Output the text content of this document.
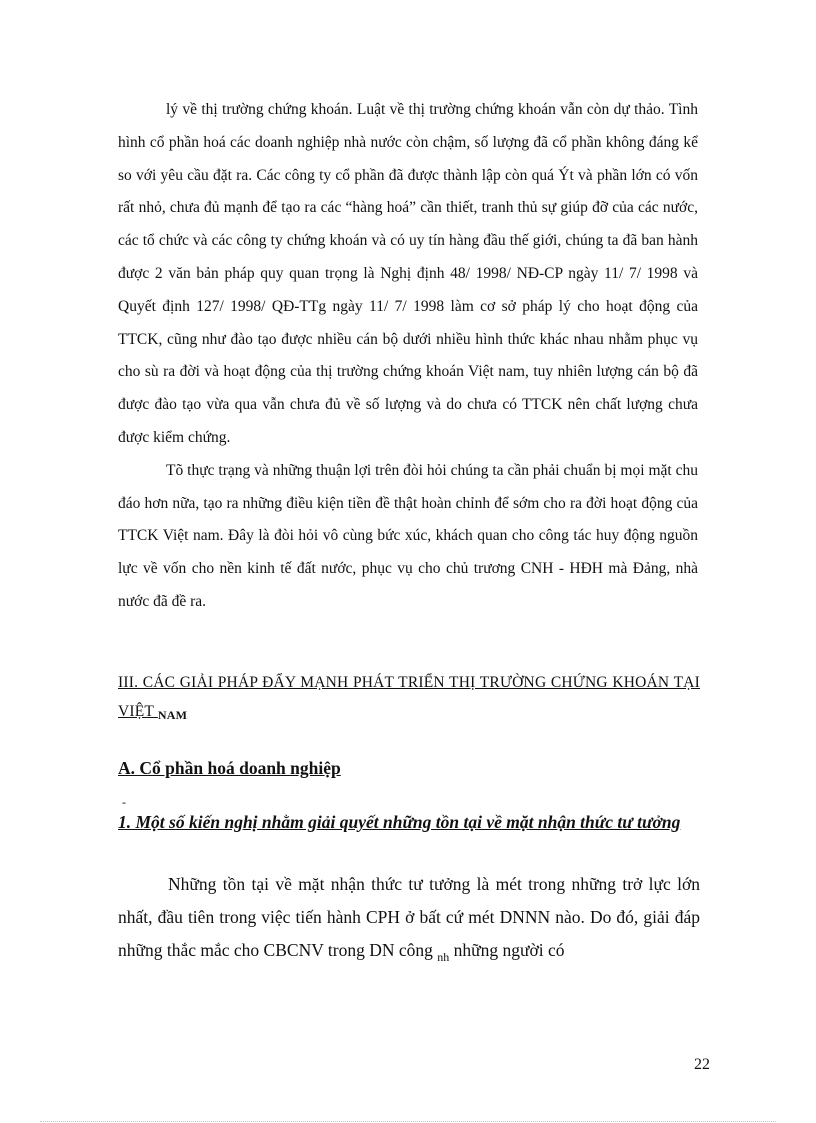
lý về thị trường chứng khoán. Luật về thị trường chứng khoán vẫn còn dự thảo. Tình hình cổ phần hoá các doanh nghiệp nhà nước còn chậm, số lượng đã cổ phần không đáng kể so với yêu cầu đặt ra. Các công ty cổ phần đã được thành lập còn quá Ýt và phần lớn có vốn rất nhỏ, chưa đủ mạnh để tạo ra các “hàng hoá” cần thiết, tranh thủ sự giúp đỡ của các nước, các tổ chức và các công ty chứng khoán và có uy tín hàng đầu thế giới, chúng ta đã ban hành được 2 văn bản pháp quy quan trọng là Nghị định 48/ 1998/ NĐ-CP ngày 11/ 7/ 1998 và Quyết định 127/ 1998/ QĐ-TTg ngày 11/ 7/ 1998 làm cơ sở pháp lý cho hoạt động của TTCK, cũng như đào tạo được nhiều cán bộ dưới nhiều hình thức khác nhau nhằm phục vụ cho sù ra đời và hoạt động của thị trường chứng khoán Việt nam, tuy nhiên lượng cán bộ đã được đào tạo vừa qua vẫn chưa đủ về số lượng và do chưa có TTCK nên chất lượng chưa được kiểm chứng.

Tõ thực trạng và những thuận lợi trên đòi hỏi chúng ta cần phải chuẩn bị mọi mặt chu đáo hơn nữa, tạo ra những điều kiện tiền đề thật hoàn chỉnh để sớm cho ra đời hoạt động của TTCK Việt nam. Đây là đòi hỏi vô cùng bức xúc, khách quan cho công tác huy động nguồn lực về vốn cho nền kinh tế đất nước, phục vụ cho chủ trương CNH - HĐH mà Đảng, nhà nước đã đề ra.

III. CÁC GIẢI PHÁP ĐẨY MẠNH PHÁT TRIỂN THỊ TRƯỜNG CHỨNG KHOÁN TẠI VIỆT NAM
A. Cổ phần hoá doanh nghiệp
-
1. Một số kiến nghị nhằm giải quyết những tồn tại về mặt nhận thức tư tưởng

Những tồn tại về mặt nhận thức tư tưởng là mét trong những trở lực lớn nhất, đầu tiên trong việc tiến hành CPH ở bất cứ mét DNNN nào. Do đó, giải đáp những thắc mắc cho CBCNV trong DN công $_{nh}$ những người có

22
